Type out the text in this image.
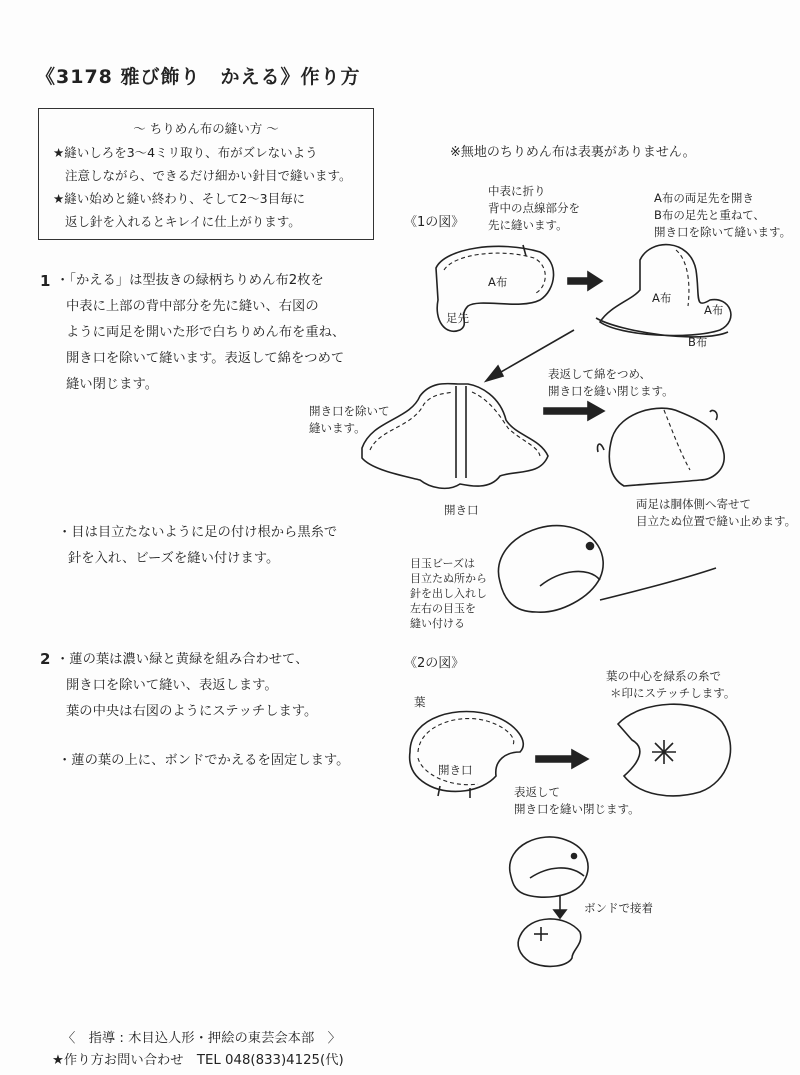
《3178 雅び飾り　かえる》作り方
～ ちりめん布の縫い方 ～
★縫いしろを3～4ミリ取り、布がズレないよう
注意しながら、できるだけ細かい針目で縫います。
★縫い始めと縫い終わり、そして2～3目毎に
返し針を入れるとキレイに仕上がります。
※無地のちりめん布は表裏がありません。
1 ・「かえる」は型抜きの緑柄ちりめん布2枚を
中表に上部の背中部分を先に縫い、右図の
ように両足を開いた形で白ちりめん布を重ね、
開き口を除いて縫います。表返して綿をつめて
縫い閉じます。
・目は目立たないように足の付け根から黒糸で
針を入れ、ビーズを縫い付けます。
2 ・蓮の葉は濃い緑と黄緑を組み合わせて、
開き口を除いて縫い、表返します。
葉の中央は右図のようにステッチします。
・蓮の葉の上に、ボンドでかえるを固定します。
《1の図》
中表に折り
背中の点線部分を
先に縫います。
A布の両足先を開き
B布の足先と重ねて、
開き口を除いて縫います。
A布
足先
A布
A布
B布
開き口を除いて
縫います。
開き口
表返して綿をつめ、
開き口を縫い閉じます。
両足は胴体側へ寄せて
目立たぬ位置で縫い止めます。
目玉ビーズは
目立たぬ所から
針を出し入れし
左右の目玉を
縫い付ける
《2の図》
葉
開き口
表返して
開き口を縫い閉じます。
葉の中心を緑系の糸で
＊印にステッチします。
ボンドで接着
〈　指導 : 木目込人形・押絵の東芸会本部　〉
★作り方お問い合わせ　TEL 048(833)4125(代)
